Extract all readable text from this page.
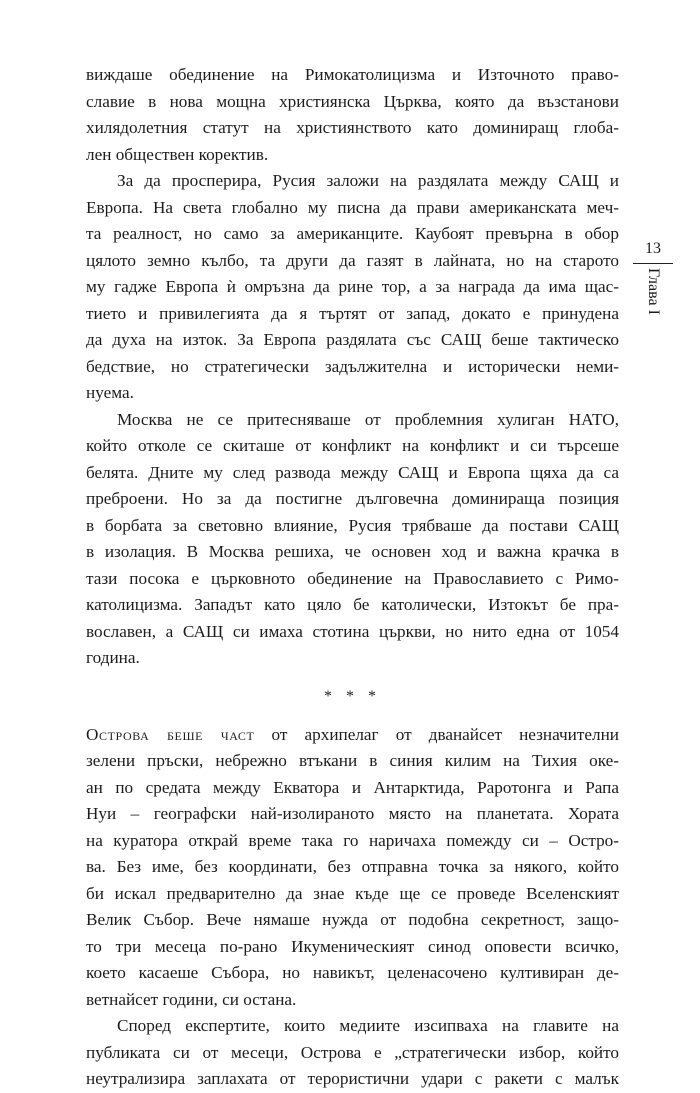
виждаше обединение на Римокатолицизма и Източното право-
славие в нова мощна християнска Църква, която да възстанови
хилядолетния статут на християнството като доминиращ глоба-
лен обществен коректив.
За да просперира, Русия заложи на раздялата между САЩ и
Европа. На света глобално му писна да прави американската меч-
та реалност, но само за американците. Каубоят превърна в обор
цялото земно кълбо, та други да газят в лайната, но на старото
му гадже Европа ѝ омръзна да рине тор, а за награда да има щас-
тието и привилегията да я търтят от запад, докато е принудена
да духа на изток. За Европа раздялата със САЩ беше тактическо
бедствие, но стратегически задължителна и исторически неми-
нуема.
Москва не се притесняваше от проблемния хулиган НАТО,
който отколе се скиташе от конфликт на конфликт и си търсеше
белята. Дните му след развода между САЩ и Европа щяха да са
преброени. Но за да постигне дълговечна доминираща позиция
в борбата за световно влияние, Русия трябваше да постави САЩ
в изолация. В Москва решиха, че основен ход и важна крачка в
тази посока е църковното обединение на Православието с Римо-
католицизма. Западът като цяло бе католически, Изтокът бе пра-
вославен, а САЩ си имаха стотина църкви, но нито една от 1054
година.
* * *
Острова беше част от архипелаг от дванайсет незначителни
зелени пръски, небрежно втъкани в синия килим на Тихия оке-
ан по средата между Екватора и Антарктида, Раротонга и Рапа
Нуи – географски най-изолираното място на планетата. Хората
на куратора открай време така го наричаха помежду си – Остро-
ва. Без име, без координати, без отправна точка за някого, който
би искал предварително да знае къде ще се проведе Вселенският
Велик Събор. Вече нямаше нужда от подобна секретност, защо-
то три месеца по-рано Икуменическият синод оповести всичко,
което касаеше Събора, но навикът, целенасочено култивиран де-
ветнайсет години, си остана.
Според експертите, които медиите изсипваха на главите на
публиката си от месеци, Острова е „стратегически избор, който
неутрализира заплахата от терористични удари с ракети с малък
13
Глава I
